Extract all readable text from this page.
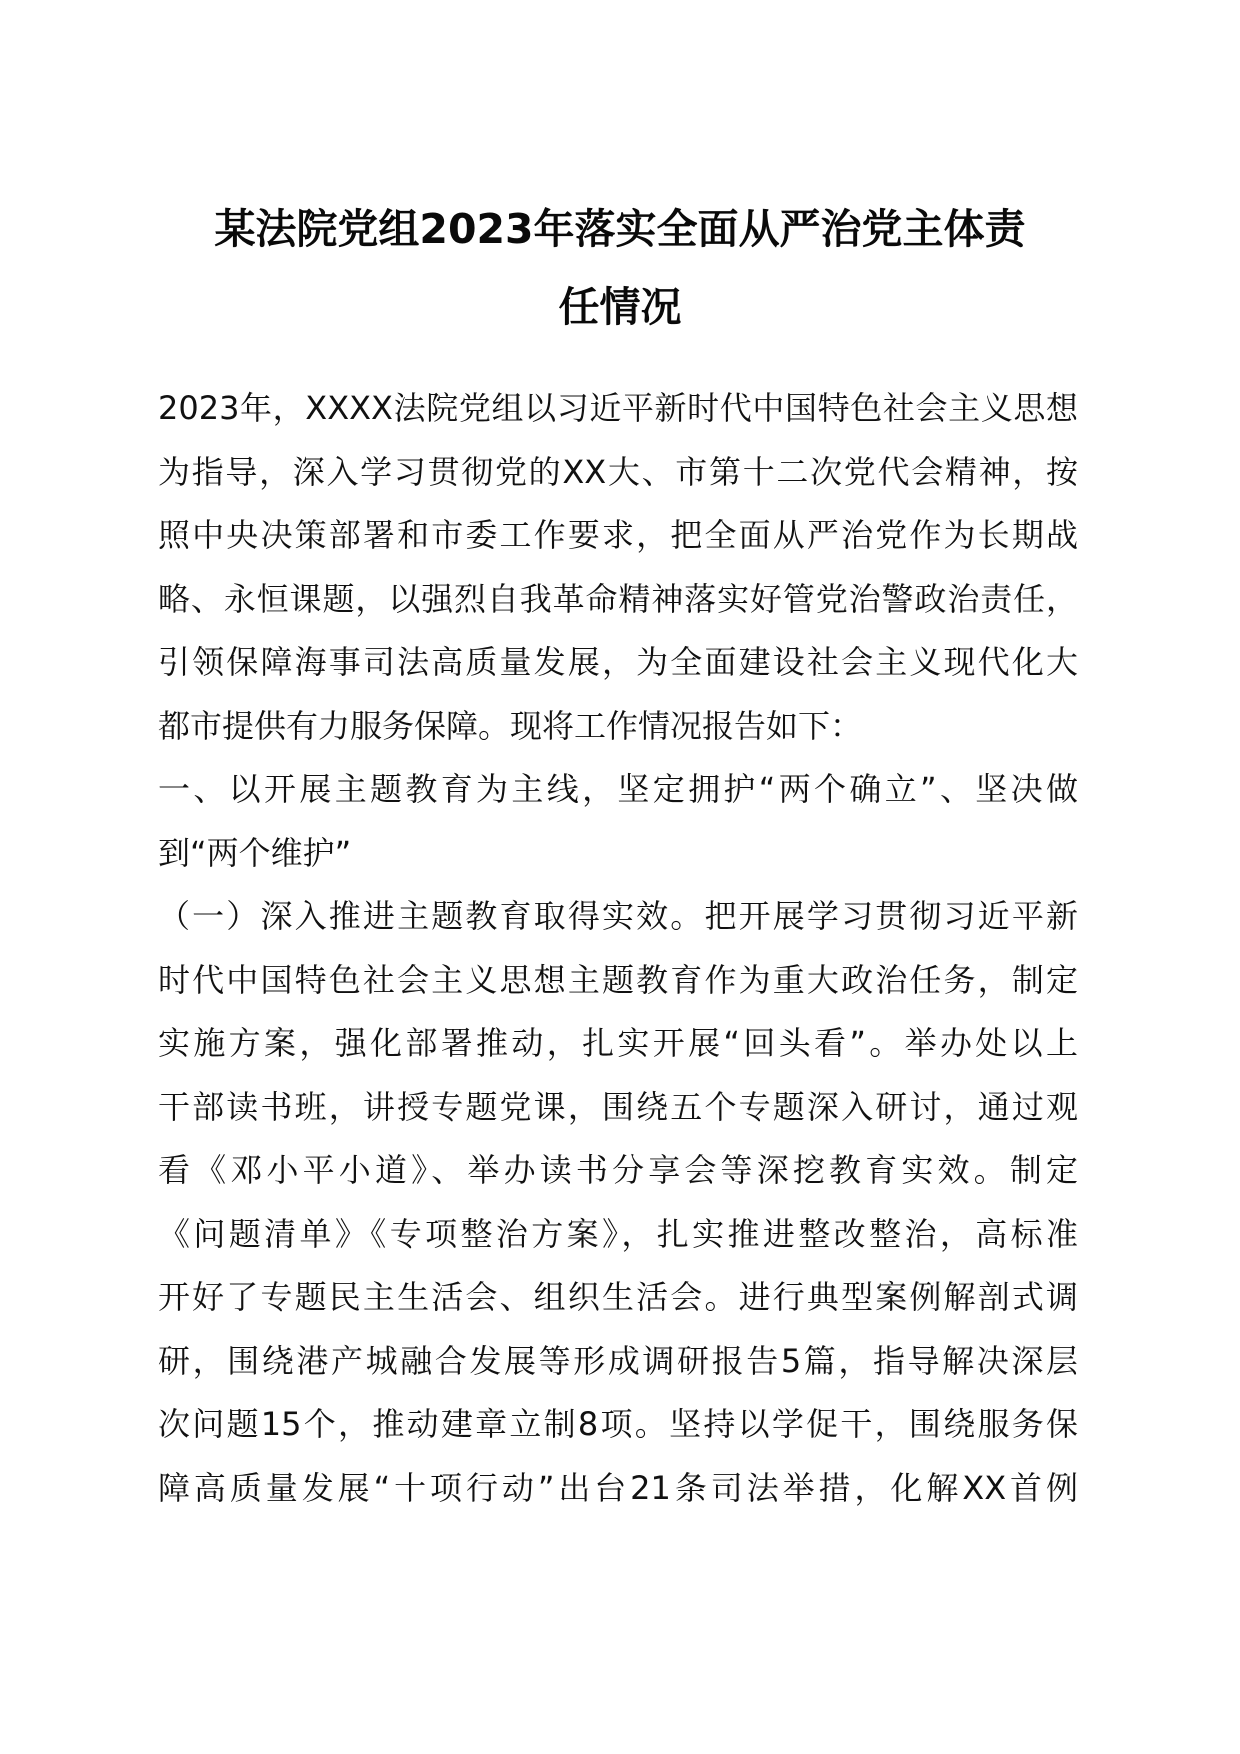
某法院党组2023年落实全面从严治党主体责
任情况
2023年，XXXX法院党组以习近平新时代中国特色社会主义思想
为指导，深入学习贯彻党的XX大、市第十二次党代会精神，按
照中央决策部署和市委工作要求，把全面从严治党作为长期战
略、永恒课题，以强烈自我革命精神落实好管党治警政治责任，
引领保障海事司法高质量发展，为全面建设社会主义现代化大
都市提供有力服务保障。现将工作情况报告如下：
一、以开展主题教育为主线，坚定拥护“两个确立”、坚决做
到“两个维护”
（一）深入推进主题教育取得实效。把开展学习贯彻习近平新
时代中国特色社会主义思想主题教育作为重大政治任务，制定
实施方案，强化部署推动，扎实开展“回头看”。举办处以上
干部读书班，讲授专题党课，围绕五个专题深入研讨，通过观
看《邓小平小道》、举办读书分享会等深挖教育实效。制定
《问题清单》《专项整治方案》，扎实推进整改整治，高标准
开好了专题民主生活会、组织生活会。进行典型案例解剖式调
研，围绕港产城融合发展等形成调研报告5篇，指导解决深层
次问题15个，推动建章立制8项。坚持以学促干，围绕服务保
障高质量发展“十项行动”出台21条司法举措，化解XX首例
